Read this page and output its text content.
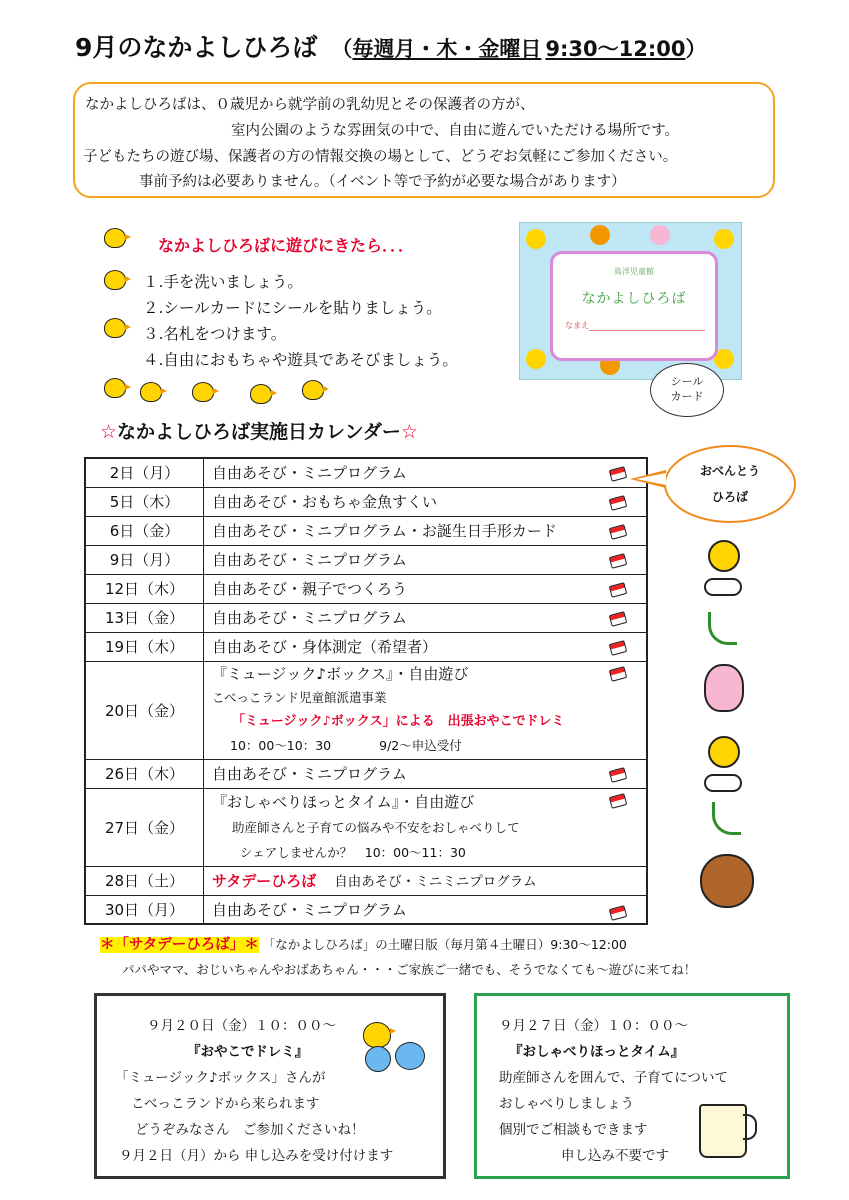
9月のなかよしひろば （毎週月・木・金曜日 9:30〜12:00）
なかよしひろばは、０歳児から就学前の乳幼児とその保護者の方が、
室内公園のような雰囲気の中で、自由に遊んでいただける場所です。
子どもたちの遊び場、保護者の方の情報交換の場として、どうぞお気軽にご参加ください。
事前予約は必要ありません。（イベント等で予約が必要な場合があります）
なかよしひろばに遊びにきたら．．．
１.手を洗いましょう。
２.シールカードにシールを貼りましょう。
３.名札をつけます。
４.自由におもちゃや遊具であそびましょう。
鳥洋児童館
なかよしひろば
なまえ
シール
カード
☆なかよしひろば実施日カレンダー☆
2日（月）	自由あそび・ミニプログラム

5日（木）	自由あそび・おもちゃ金魚すくい

6日（金）	自由あそび・ミニプログラム・お誕生日手形カード

9日（月）	自由あそび・ミニプログラム

12日（木）	自由あそび・親子でつくろう

13日（金）	自由あそび・ミニプログラム

19日（木）	自由あそび・身体測定（希望者）

20日（金）	『ミュージック♪ボックス』・自由遊び
こべっこランド児童館派遣事業
「ミュージック♪ボックス」による　出張おやこでドレミ
10：00〜10：30 9/2〜申込受付

26日（木）	自由あそび・ミニプログラム

27日（金）	『おしゃべりほっとタイム』・自由遊び
助産師さんと子育ての悩みや不安をおしゃべりして
シェアしませんか？　10：00〜11：30

28日（土）	サタデーひろば 自由あそび・ミニミニプログラム
30日（月）	自由あそび・ミニプログラム
おべんとう
ひろば
＊「サタデーひろば」＊ 「なかよしひろば」の土曜日版（毎月第４土曜日）9:30〜12:00
パパやママ、おじいちゃんやおばあちゃん・・・ご家族ご一緒でも、そうでなくても〜遊びに来てね！
９月２０日（金）１０：００〜
『おやこでドレミ』
「ミュージック♪ボックス」さんが
こべっこランドから来られます
どうぞみなさん　ご参加くださいね！
９月２日（月）から 申し込みを受け付けます
９月２７日（金）１０：００〜
『おしゃべりほっとタイム』
助産師さんを囲んで、子育てについて
おしゃべりしましょう
個別でご相談もできます
申し込み不要です
